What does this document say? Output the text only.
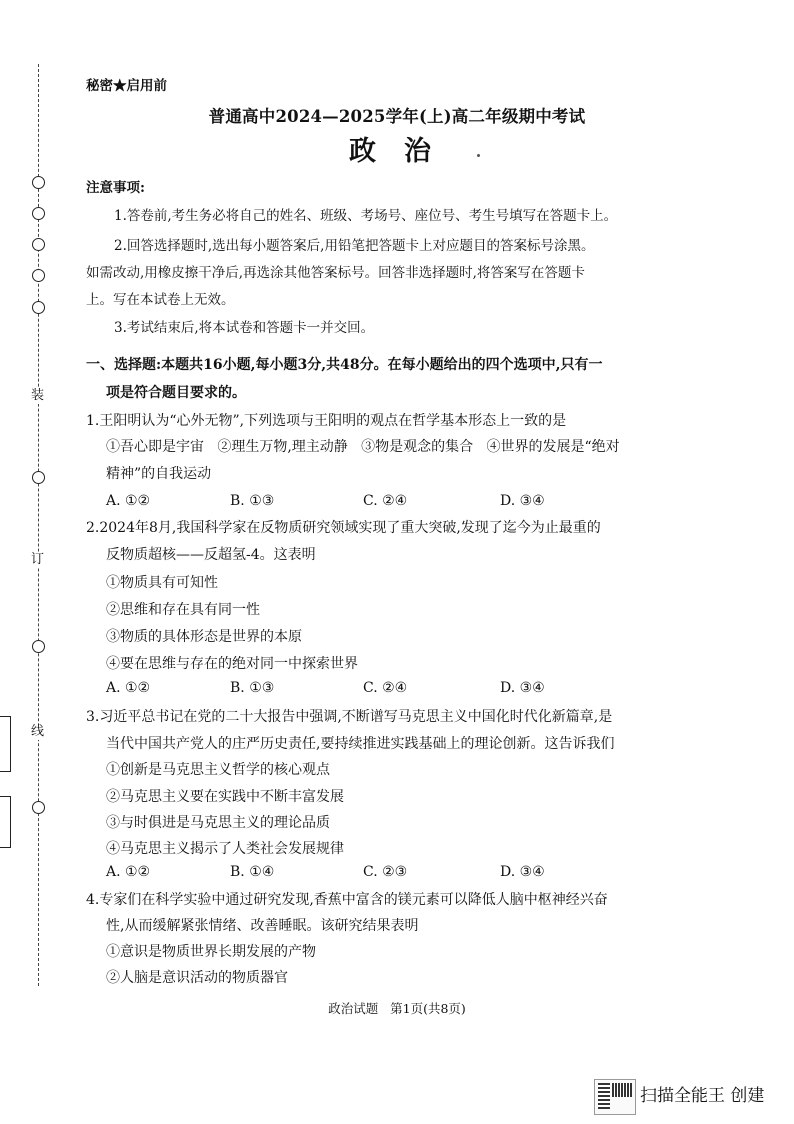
装
订
线
秘密★启用前
普通高中2024—2025学年(上)高二年级期中考试
政治
注意事项:
1.答卷前,考生务必将自己的姓名、班级、考场号、座位号、考生号填写在答题卡上。
2.回答选择题时,选出每小题答案后,用铅笔把答题卡上对应题目的答案标号涂黑。
如需改动,用橡皮擦干净后,再选涂其他答案标号。回答非选择题时,将答案写在答题卡
上。写在本试卷上无效。
3.考试结束后,将本试卷和答题卡一并交回。
一、选择题:本题共16小题,每小题3分,共48分。在每小题给出的四个选项中,只有一
项是符合题目要求的。
1.王阳明认为“心外无物”,下列选项与王阳明的观点在哲学基本形态上一致的是
①吾心即是宇宙   ②理生万物,理主动静   ③物是观念的集合   ④世界的发展是“绝对
精神”的自我运动
A. ①②	B. ①③	C. ②④	D. ③④
2.2024年8月,我国科学家在反物质研究领域实现了重大突破,发现了迄今为止最重的
反物质超核——反超氢-4。这表明
①物质具有可知性
②思维和存在具有同一性
③物质的具体形态是世界的本原
④要在思维与存在的绝对同一中探索世界
A. ①②	B. ①③	C. ②④	D. ③④
3.习近平总书记在党的二十大报告中强调,不断谱写马克思主义中国化时代化新篇章,是
当代中国共产党人的庄严历史责任,要持续推进实践基础上的理论创新。这告诉我们
①创新是马克思主义哲学的核心观点
②马克思主义要在实践中不断丰富发展
③与时俱进是马克思主义的理论品质
④马克思主义揭示了人类社会发展规律
A. ①②	B. ①④	C. ②③	D. ③④
4.专家们在科学实验中通过研究发现,香蕉中富含的镁元素可以降低人脑中枢神经兴奋
性,从而缓解紧张情绪、改善睡眠。该研究结果表明
①意识是物质世界长期发展的产物
②人脑是意识活动的物质器官
政治试题   第1页(共8页)
扫描全能王 创建
